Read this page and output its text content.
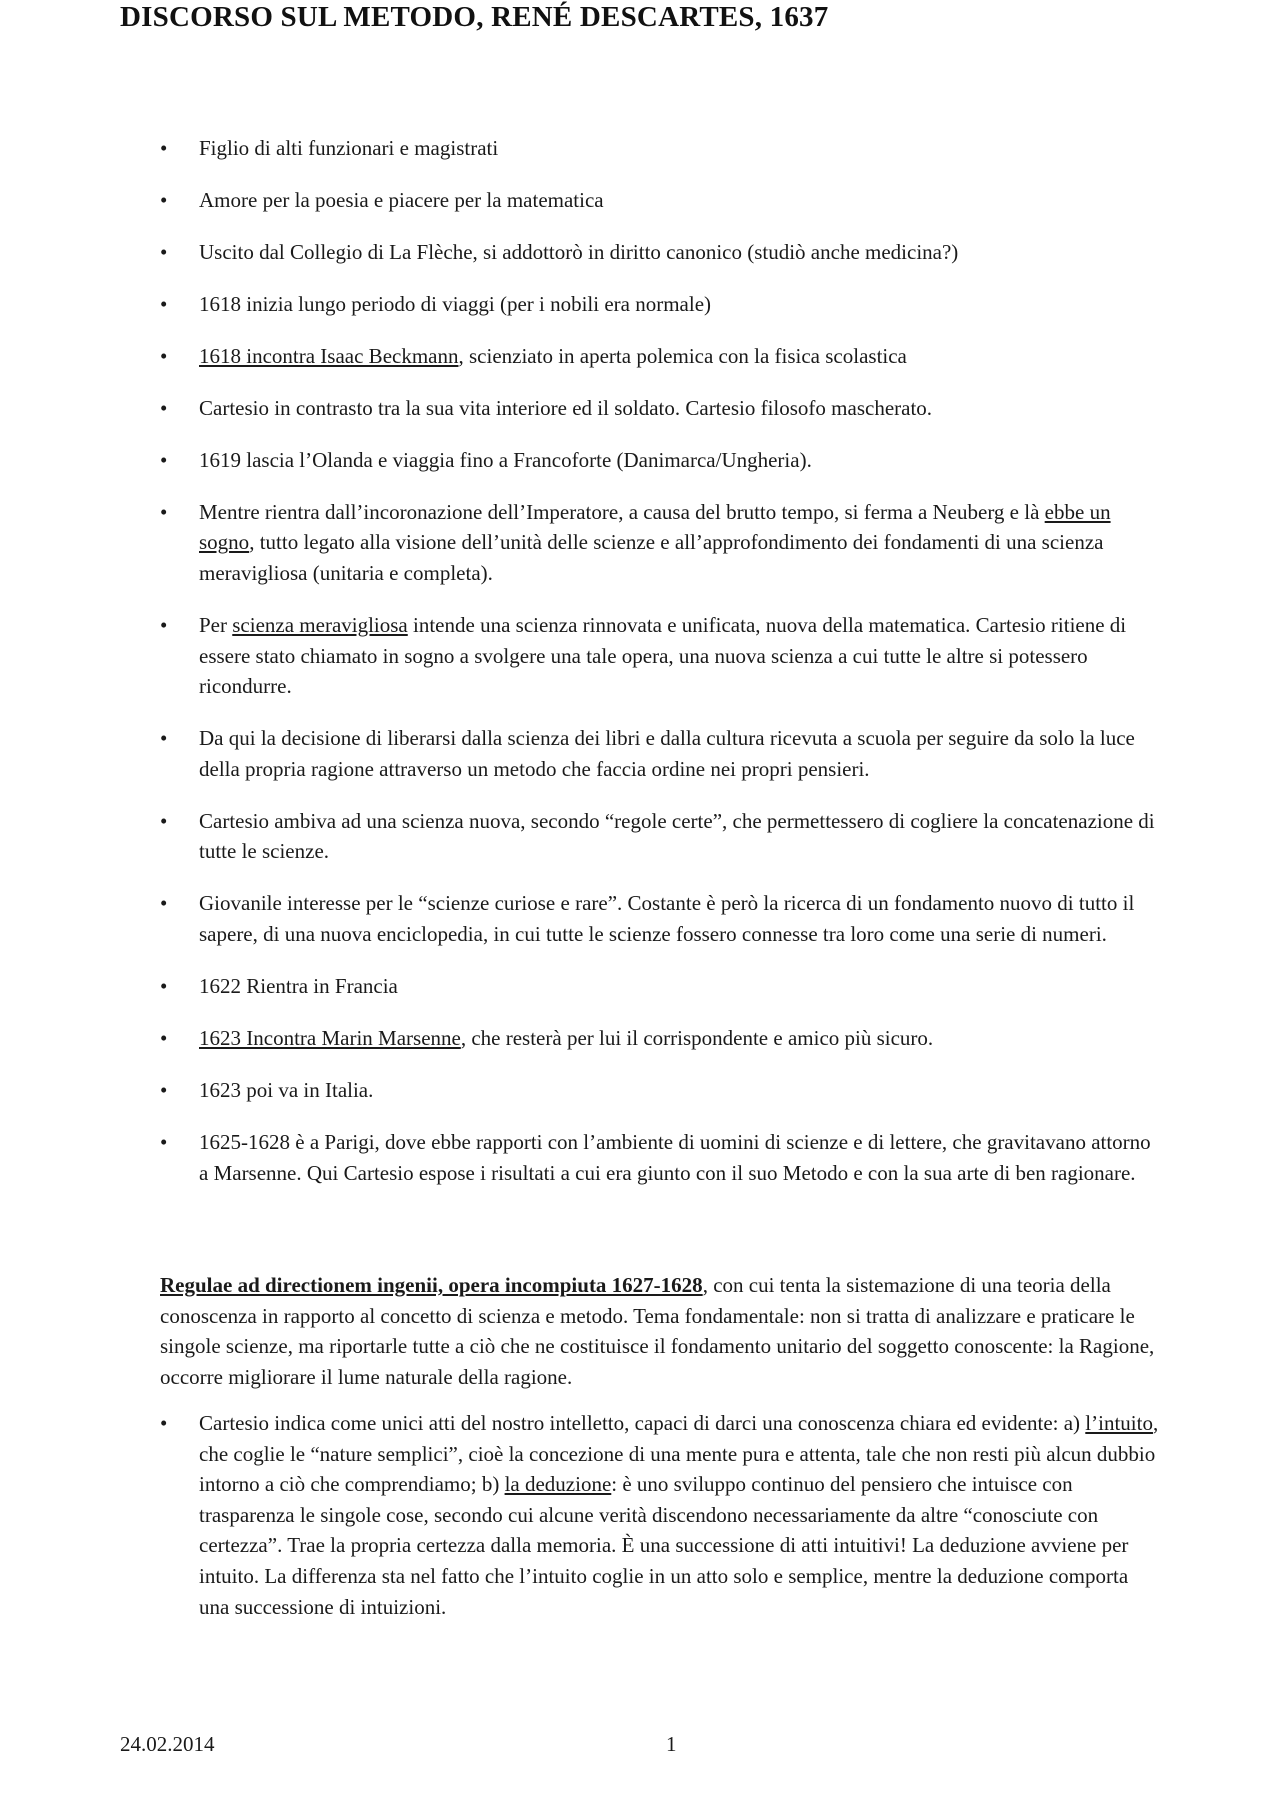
DISCORSO SUL METODO, RENÉ DESCARTES, 1637
• Figlio di alti funzionari e magistrati
• Amore per la poesia e piacere per la matematica
• Uscito dal Collegio di La Flèche, si addottorò in diritto canonico (studiò anche medicina?)
• 1618 inizia lungo periodo di viaggi (per i nobili era normale)
• 1618 incontra Isaac Beckmann, scienziato in aperta polemica con la fisica scolastica
• Cartesio in contrasto tra la sua vita interiore ed il soldato. Cartesio filosofo mascherato.
• 1619 lascia l’Olanda e viaggia fino a Francoforte (Danimarca/Ungheria).
• Mentre rientra dall’incoronazione dell’Imperatore, a causa del brutto tempo, si ferma a Neuberg e là ebbe un sogno, tutto legato alla visione dell’unità delle scienze e all’approfondimento dei fondamenti di una scienza meravigliosa (unitaria e completa).
• Per scienza meravigliosa intende una scienza rinnovata e unificata, nuova della matematica. Cartesio ritiene di essere stato chiamato in sogno a svolgere una tale opera, una nuova scienza a cui tutte le altre si potessero ricondurre.
• Da qui la decisione di liberarsi dalla scienza dei libri e dalla cultura ricevuta a scuola per seguire da solo la luce della propria ragione attraverso un metodo che faccia ordine nei propri pensieri.
• Cartesio ambiva ad una scienza nuova, secondo “regole certe”, che permettessero di cogliere la concatenazione di tutte le scienze.
• Giovanile interesse per le “scienze curiose e rare”. Costante è però la ricerca di un fondamento nuovo di tutto il sapere, di una nuova enciclopedia, in cui tutte le scienze fossero connesse tra loro come una serie di numeri.
• 1622 Rientra in Francia
• 1623 Incontra Marin Marsenne, che resterà per lui il corrispondente e amico più sicuro.
• 1623 poi va in Italia.
• 1625-1628 è a Parigi, dove ebbe rapporti con l’ambiente di uomini di scienze e di lettere, che gravitavano attorno a Marsenne. Qui Cartesio espose i risultati a cui era giunto con il suo Metodo e con la sua arte di ben ragionare.

Regulae ad directionem ingenii, opera incompiuta 1627-1628, con cui tenta la sistemazione di una teoria della conoscenza in rapporto al concetto di scienza e metodo. Tema fondamentale: non si tratta di analizzare e praticare le singole scienze, ma riportarle tutte a ciò che ne costituisce il fondamento unitario del soggetto conoscente: la Ragione, occorre migliorare il lume naturale della ragione.

• Cartesio indica come unici atti del nostro intelletto, capaci di darci una conoscenza chiara ed evidente: a) l’intuito, che coglie le “nature semplici”, cioè la concezione di una mente pura e attenta, tale che non resti più alcun dubbio intorno a ciò che comprendiamo; b) la deduzione: è uno sviluppo continuo del pensiero che intuisce con trasparenza le singole cose, secondo cui alcune verità discendono necessariamente da altre “conosciute con certezza”. Trae la propria certezza dalla memoria. È una successione di atti intuitivi! La deduzione avviene per intuito. La differenza sta nel fatto che l’intuito coglie in un atto solo e semplice, mentre la deduzione comporta una successione di intuizioni.
24.02.2014	1
